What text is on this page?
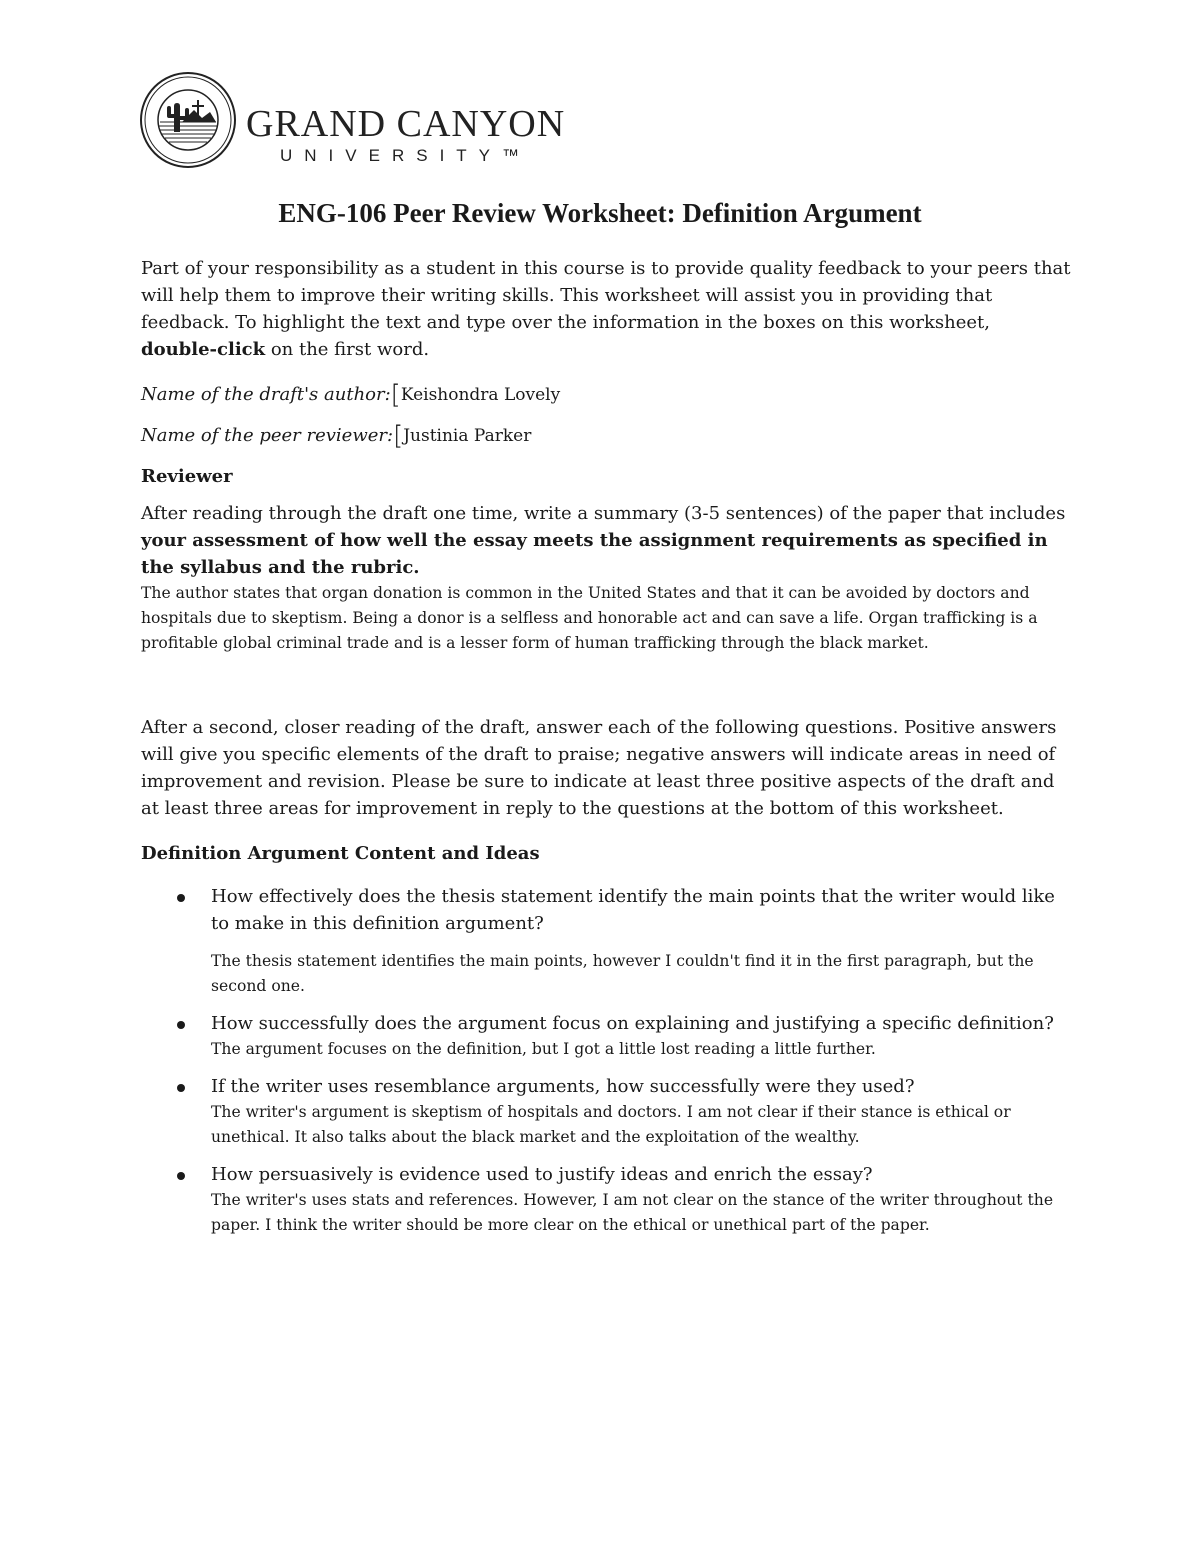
GRAND CANYON
UNIVERSITY™
ENG-106 Peer Review Worksheet: Definition Argument

Part of your responsibility as a student in this course is to provide quality feedback to your peers that will help them to improve their writing skills. This worksheet will assist you in providing that feedback. To highlight the text and type over the information in the boxes on this worksheet, double-click on the first word.

Name of the draft's author:[Keishondra Lovely

Name of the peer reviewer:[Justinia Parker

Reviewer

After reading through the draft one time, write a summary (3-5 sentences) of the paper that includes your assessment of how well the essay meets the assignment requirements as specified in the syllabus and the rubric.

The author states that organ donation is common in the United States and that it can be avoided by doctors and hospitals due to skeptism. Being a donor is a selfless and honorable act and can save a life. Organ trafficking is a profitable global criminal trade and is a lesser form of human trafficking through the black market.

After a second, closer reading of the draft, answer each of the following questions. Positive answers will give you specific elements of the draft to praise; negative answers will indicate areas in need of improvement and revision. Please be sure to indicate at least three positive aspects of the draft and at least three areas for improvement in reply to the questions at the bottom of this worksheet.

Definition Argument Content and Ideas

How effectively does the thesis statement identify the main points that the writer would like to make in this definition argument?
The thesis statement identifies the main points, however I couldn't find it in the first paragraph, but the second one.
How successfully does the argument focus on explaining and justifying a specific definition?
The argument focuses on the definition, but I got a little lost reading a little further.
If the writer uses resemblance arguments, how successfully were they used?
The writer's argument is skeptism of hospitals and doctors. I am not clear if their stance is ethical or unethical. It also talks about the black market and the exploitation of the wealthy.
How persuasively is evidence used to justify ideas and enrich the essay?
The writer's uses stats and references. However, I am not clear on the stance of the writer throughout the paper. I think the writer should be more clear on the ethical or unethical part of the paper.
